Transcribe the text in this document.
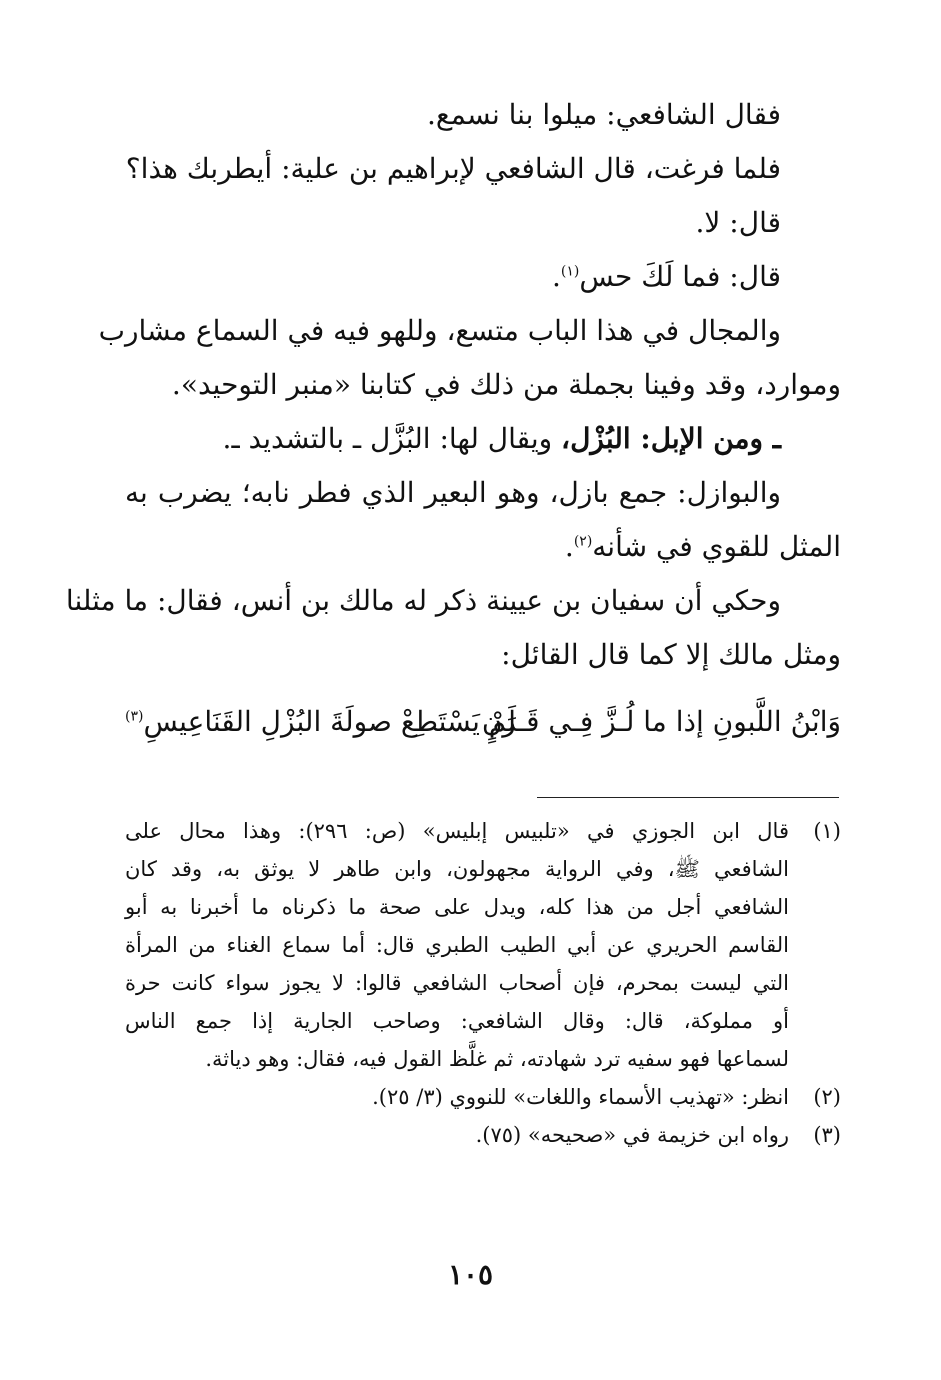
فقال الشافعي: ميلوا بنا نسمع.
فلما فرغت، قال الشافعي لإبراهيم بن علية: أيطربك هذا؟
قال: لا.
قال: فما لَكَ حس$^{(١)}$.
والمجال في هذا الباب متسع، وللهو فيه في السماع مشارب
وموارد، وقد وفينا بجملة من ذلك في كتابنا «منبر التوحيد».
ـ ومن الإبل: البُزْل، ويقال لها: البُزَّل ـ بالتشديد ـ.
والبوازل: جمع بازل، وهو البعير الذي فطر نابه؛ يضرب به
المثل للقوي في شأنه$^{(٢)}$.
وحكي أن سفيان بن عيينة ذكر له مالك بن أنس، فقال: ما مثلنا
ومثل مالك إلا كما قال القائل:
وَابْنُ اللَّبونِ إذا ما لُـزَّ فِـي قَـرَنٍ
لَمْ يَسْتَطِعْ صولَةَ البُزْلِ القَنَاعِيسِ$^{(٣)}$
(١)
قال ابن الجوزي في «تلبيس إبليس» (ص: ٢٩٦): وهذا محال على
الشافعي ﷺ، وفي الرواية مجهولون، وابن طاهر لا يوثق به، وقد كان
الشافعي أجل من هذا كله، ويدل على صحة ما ذكرناه ما أخبرنا به أبو
القاسم الحريري عن أبي الطيب الطبري قال: أما سماع الغناء من المرأة
التي ليست بمحرم، فإن أصحاب الشافعي قالوا: لا يجوز سواء كانت حرة
أو مملوكة، قال: وقال الشافعي: وصاحب الجارية إذا جمع الناس
لسماعها فهو سفيه ترد شهادته، ثم غلَّظ القول فيه، فقال: وهو دياثة.
(٢)
انظر: «تهذيب الأسماء واللغات» للنووي (٣/ ٢٥).
(٣)
رواه ابن خزيمة في «صحيحه» (٧٥).
١٠٥
